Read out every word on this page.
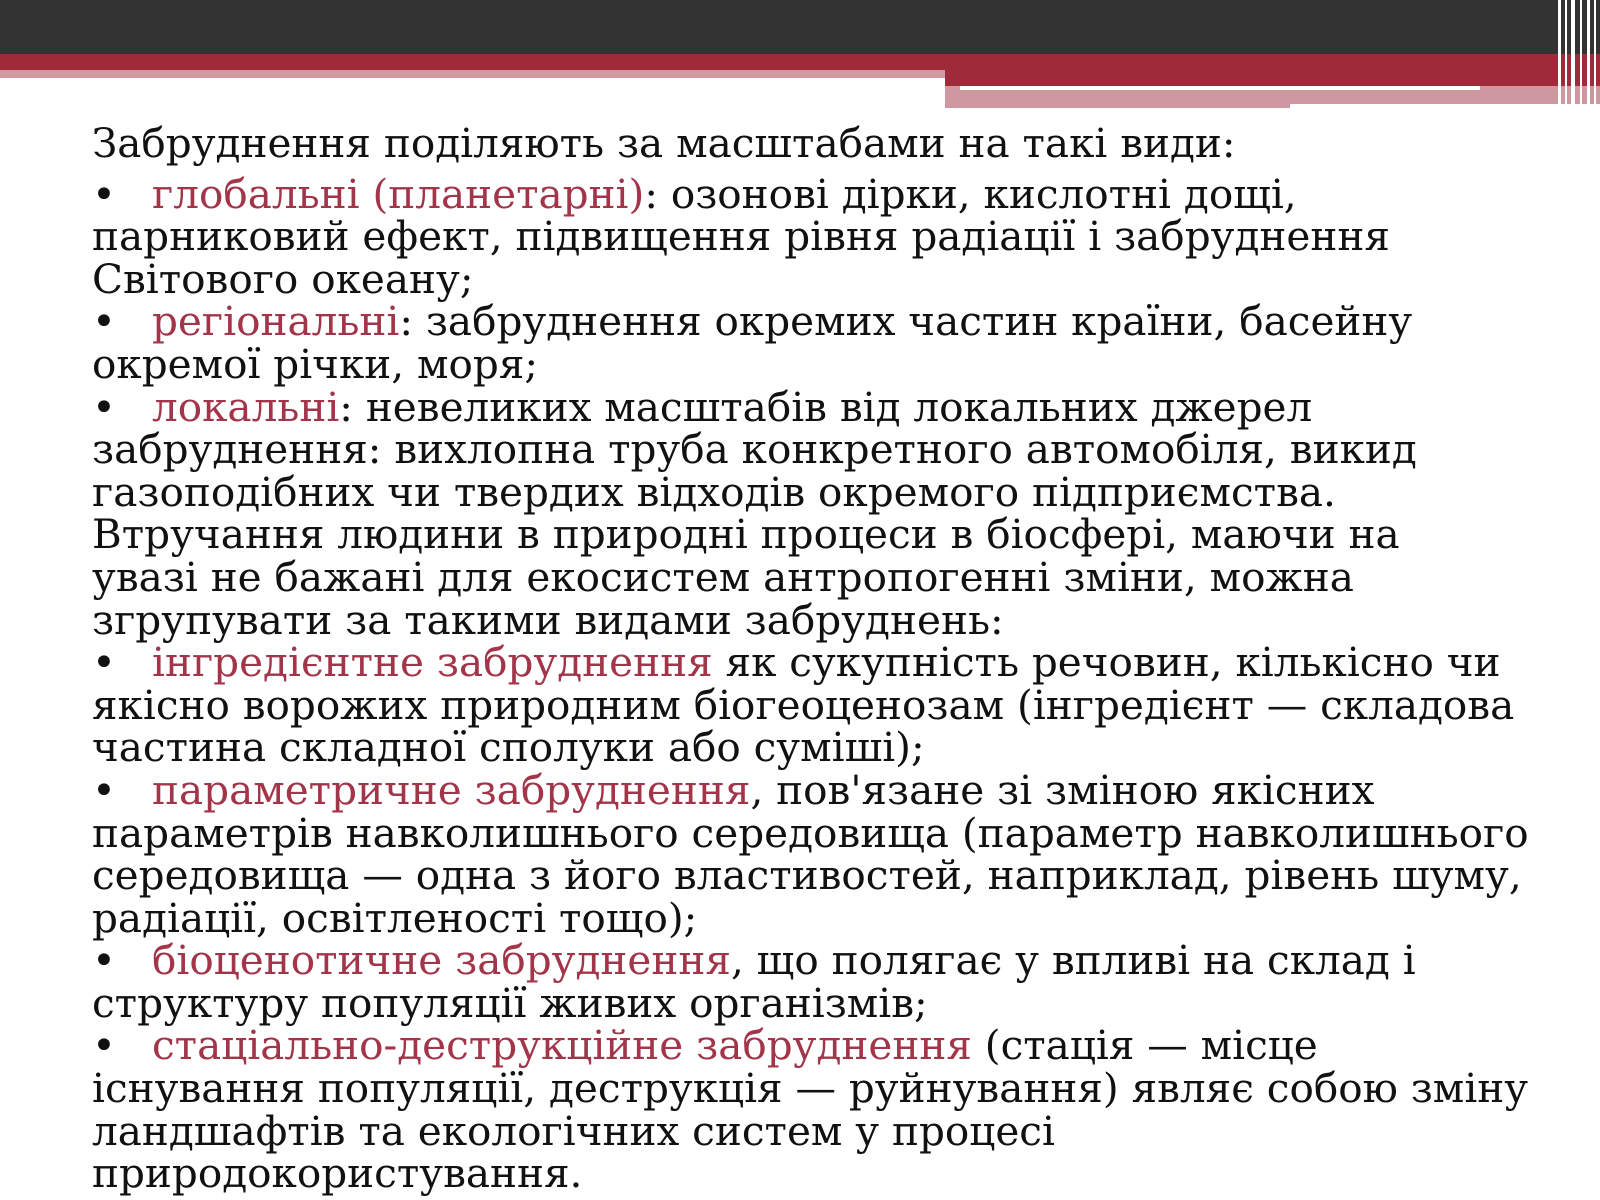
Забруднення поділяють за масштабами на такі види:

• глобальні (планетарні): озонові дірки, кислотні дощі, парниковий ефект, підвищення рівня радіації і забруднення Світового океану;

• регіональні: забруднення окремих частин країни, басейну окремої річки, моря;

• локальні: невеликих масштабів від локальних джерел забруднення: вихлопна труба конкретного автомобіля, викид газоподібних чи твердих відходів окремого підприємства. Втручання людини в природні процеси в біосфері, маючи на

увазі не бажані для екосистем антропогенні зміни, можна згрупувати за такими видами забруднень:

• інгредієнтне забруднення як сукупність речовин, кількісно чи якісно ворожих природним біогеоценозам (інгредієнт — складова частина складної сполуки або суміші);

• параметричне забруднення, пов'язане зі зміною якісних параметрів навколишнього середовища (параметр навколишнього середовища — одна з його властивостей, наприклад, рівень шуму, радіації, освітленості тощо);

• біоценотичне забруднення, що полягає у впливі на склад і структуру популяції живих організмів;

• стаціально-деструкційне забруднення (стація — місце існування популяції, деструкція — руйнування) являє собою зміну ландшафтів та екологічних систем у процесі природокористування.
